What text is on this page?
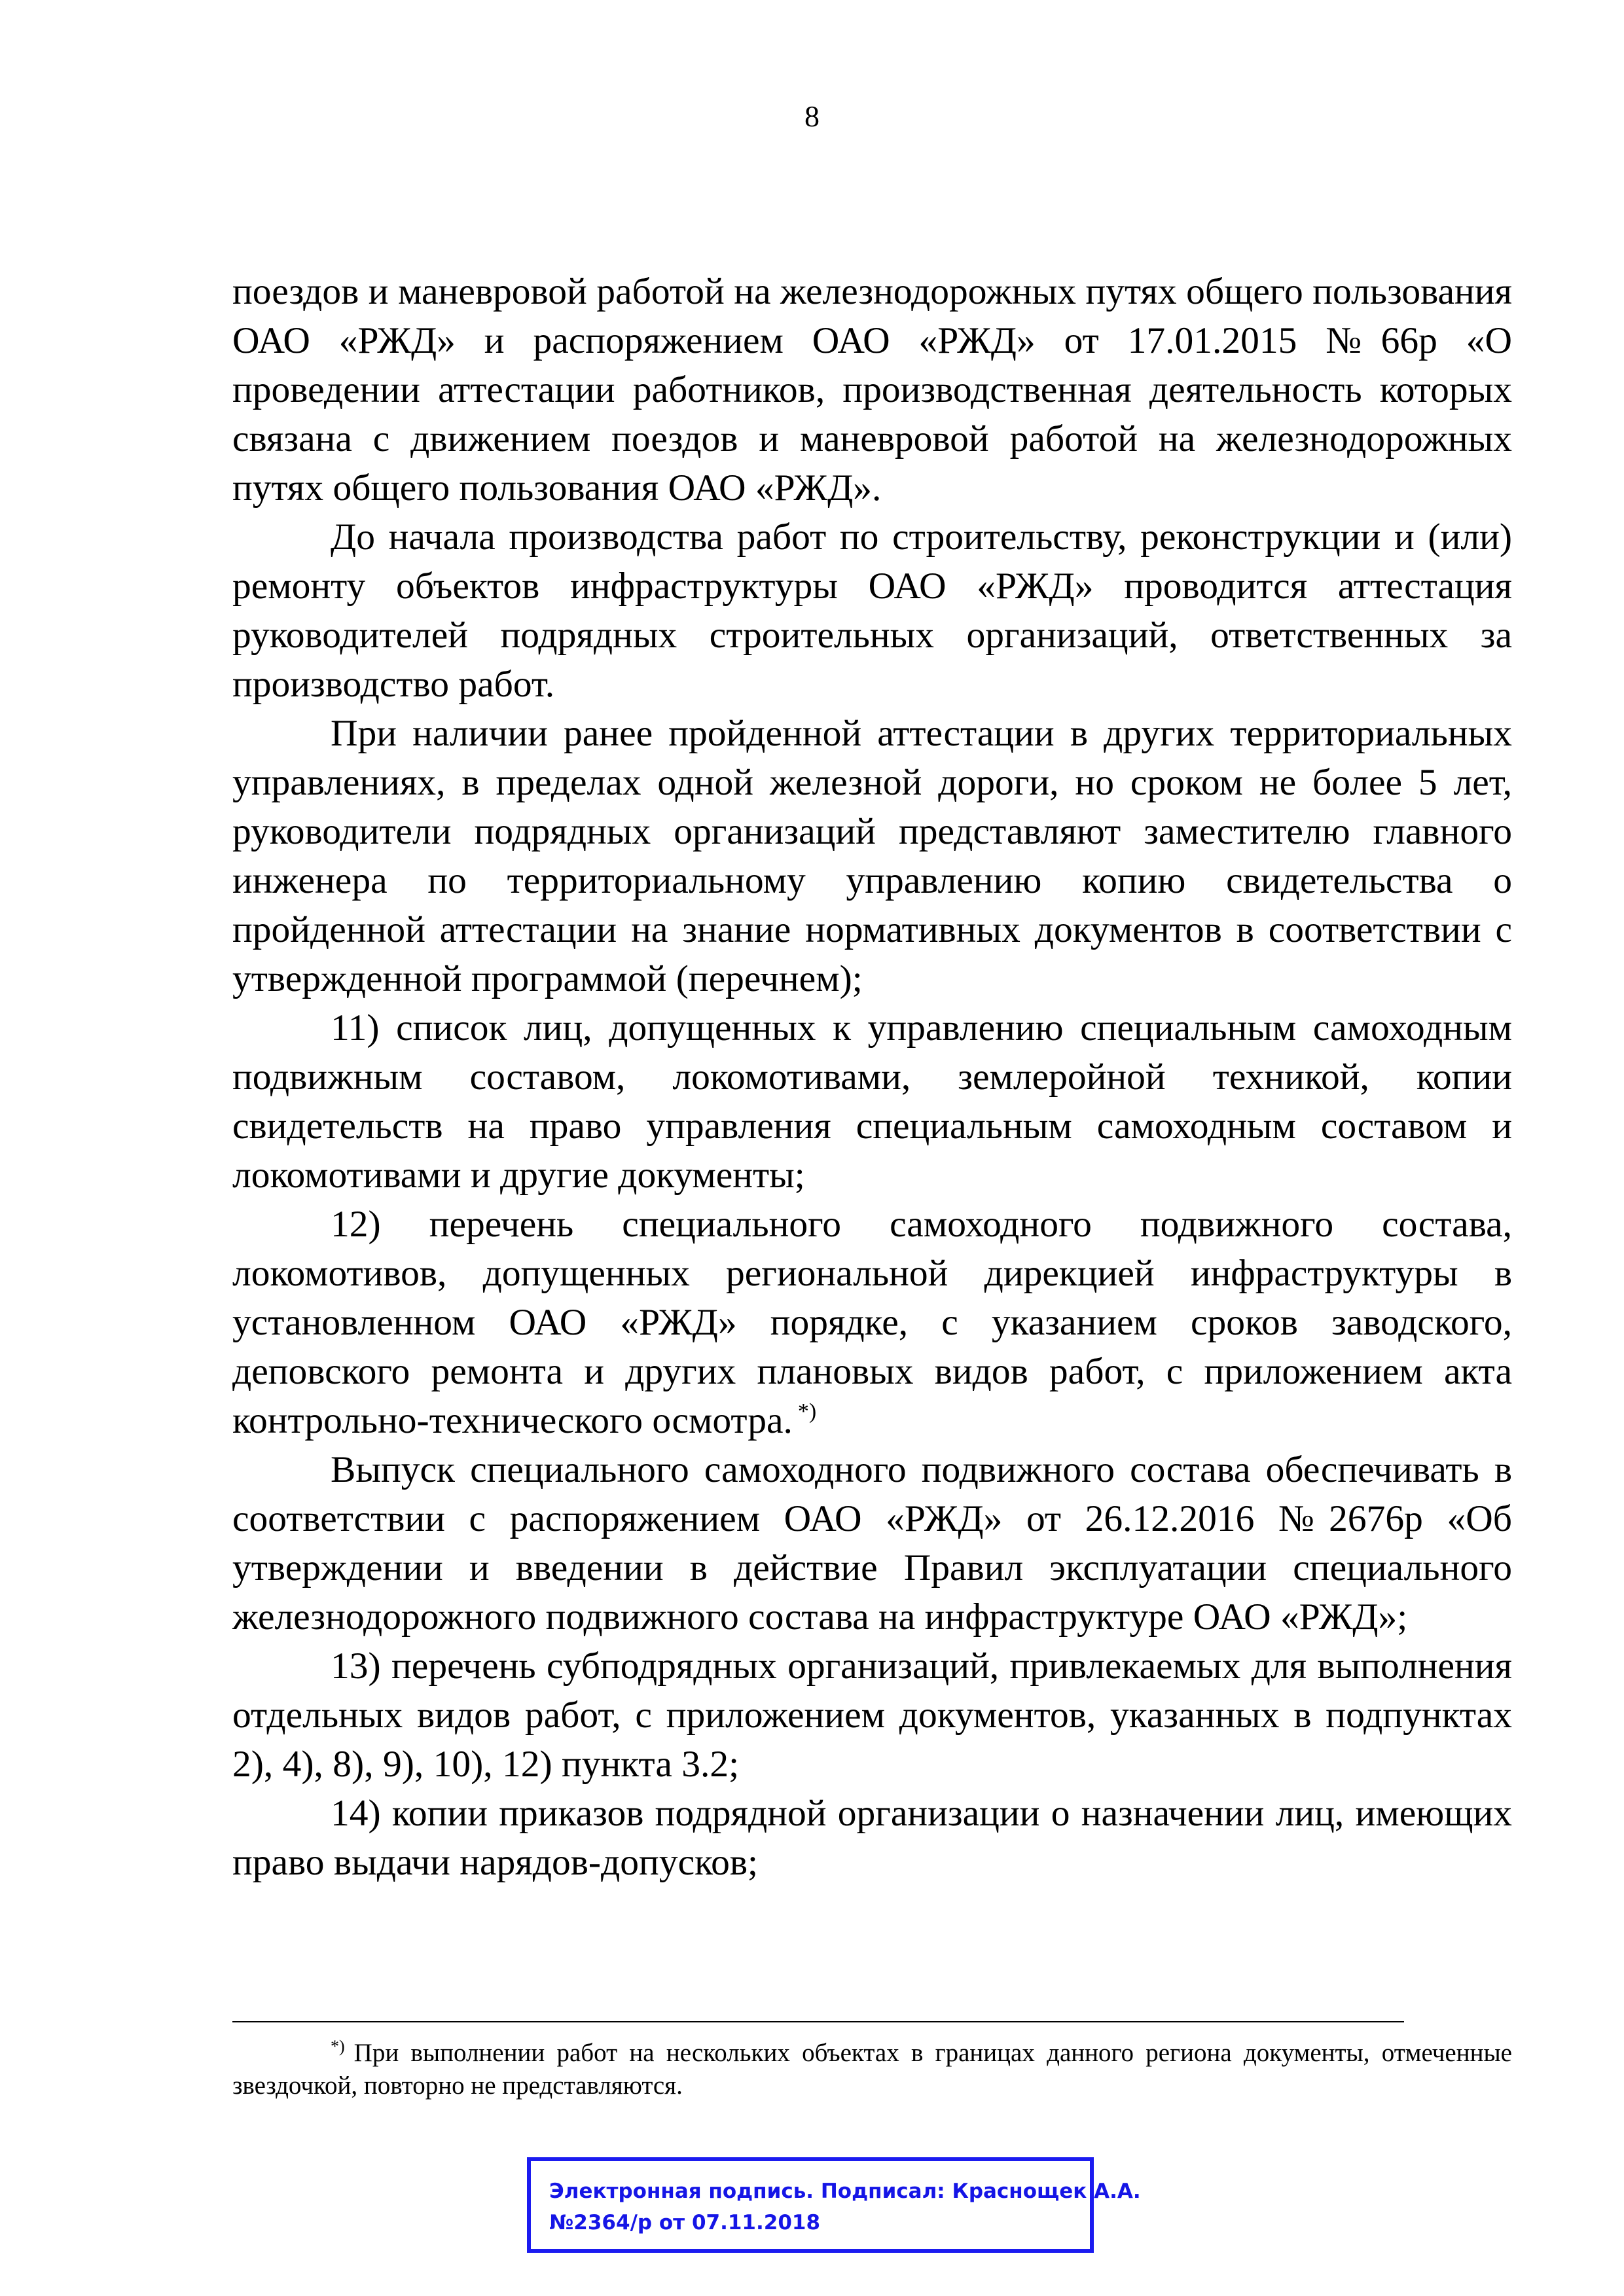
8

поездов и маневровой работой на железнодорожных путях общего пользования ОАО «РЖД» и распоряжением ОАО «РЖД» от 17.01.2015 №66р «О проведении аттестации работников, производственная деятельность которых связана с движением поездов и маневровой работой на железнодорожных путях общего пользования ОАО «РЖД».

До начала производства работ по строительству, реконструкции и (или) ремонту объектов инфраструктуры ОАО «РЖД» проводится аттестация руководителей подрядных строительных организаций, ответственных за производство работ.

При наличии ранее пройденной аттестации в других территориальных управлениях, в пределах одной железной дороги, но сроком не более 5 лет, руководители подрядных организаций представляют заместителю главного инженера по территориальному управлению копию свидетельства о пройденной аттестации на знание нормативных документов в соответствии с утвержденной программой (перечнем);

11) список лиц, допущенных к управлению специальным самоходным подвижным составом, локомотивами, землеройной техникой, копии свидетельств на право управления специальным самоходным составом и локомотивами и другие документы;

12) перечень специального самоходного подвижного состава, локомотивов, допущенных региональной дирекцией инфраструктуры в установленном ОАО «РЖД» порядке, с указанием сроков заводского, деповского ремонта и других плановых видов работ, с приложением акта контрольно-технического осмотра. *)

Выпуск специального самоходного подвижного состава обеспечивать в соответствии с распоряжением ОАО «РЖД» от 26.12.2016 №2676р «Об утверждении и введении в действие Правил эксплуатации специального железнодорожного подвижного состава на инфраструктуре ОАО «РЖД»;

13) перечень субподрядных организаций, привлекаемых для выполнения отдельных видов работ, с приложением документов, указанных в подпунктах 2), 4), 8), 9), 10), 12) пункта 3.2;

14) копии приказов подрядной организации о назначении лиц, имеющих право выдачи нарядов-допусков;

*) При выполнении работ на нескольких объектах в границах данного региона документы, отмеченные звездочкой, повторно не представляются.
Электронная подпись. Подписал: Краснощек А.А.
№2364/р от 07.11.2018
